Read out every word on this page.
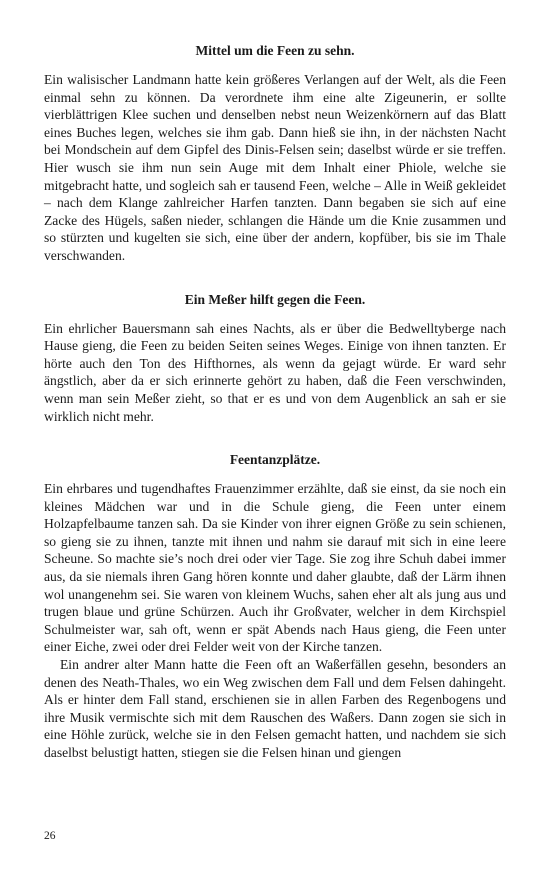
Mittel um die Feen zu sehn.

Ein walisischer Landmann hatte kein größeres Verlangen auf der Welt, als die Feen einmal sehn zu können. Da verordnete ihm eine alte Zigeunerin, er sollte vierblättrigen Klee suchen und denselben nebst neun Weizenkörnern auf das Blatt eines Buches legen, welches sie ihm gab. Dann hieß sie ihn, in der nächsten Nacht bei Mondschein auf dem Gipfel des Dinis-Felsen sein; daselbst würde er sie treffen. Hier wusch sie ihm nun sein Auge mit dem Inhalt einer Phiole, welche sie mitgebracht hatte, und sogleich sah er tausend Feen, welche – Alle in Weiß gekleidet – nach dem Klange zahlreicher Harfen tanzten. Dann begaben sie sich auf eine Zacke des Hügels, saßen nieder, schlangen die Hände um die Knie zusammen und so stürzten und kugelten sie sich, eine über der andern, kopfüber, bis sie im Thale verschwanden.

Ein Meßer hilft gegen die Feen.

Ein ehrlicher Bauersmann sah eines Nachts, als er über die Bedwelltyberge nach Hause gieng, die Feen zu beiden Seiten seines Weges. Einige von ihnen tanzten. Er hörte auch den Ton des Hifthornes, als wenn da gejagt würde. Er ward sehr ängstlich, aber da er sich erinnerte gehört zu haben, daß die Feen verschwinden, wenn man sein Meßer zieht, so that er es und von dem Augenblick an sah er sie wirklich nicht mehr.

Feentanzplätze.

Ein ehrbares und tugendhaftes Frauenzimmer erzählte, daß sie einst, da sie noch ein kleines Mädchen war und in die Schule gieng, die Feen unter einem Holzapfelbaume tanzen sah. Da sie Kinder von ihrer eignen Größe zu sein schienen, so gieng sie zu ihnen, tanzte mit ihnen und nahm sie darauf mit sich in eine leere Scheune. So machte sie’s noch drei oder vier Tage. Sie zog ihre Schuh dabei immer aus, da sie niemals ihren Gang hören konnte und daher glaubte, daß der Lärm ihnen wol unangenehm sei. Sie waren von kleinem Wuchs, sahen eher alt als jung aus und trugen blaue und grüne Schürzen. Auch ihr Großvater, welcher in dem Kirchspiel Schulmeister war, sah oft, wenn er spät Abends nach Haus gieng, die Feen unter einer Eiche, zwei oder drei Felder weit von der Kirche tanzen.

Ein andrer alter Mann hatte die Feen oft an Waßerfällen gesehn, besonders an denen des Neath-Thales, wo ein Weg zwischen dem Fall und dem Felsen dahingeht. Als er hinter dem Fall stand, erschienen sie in allen Farben des Regenbogens und ihre Musik vermischte sich mit dem Rauschen des Waßers. Dann zogen sie sich in eine Höhle zurück, welche sie in den Felsen gemacht hatten, und nachdem sie sich daselbst belustigt hatten, stiegen sie die Felsen hinan und giengen

26
